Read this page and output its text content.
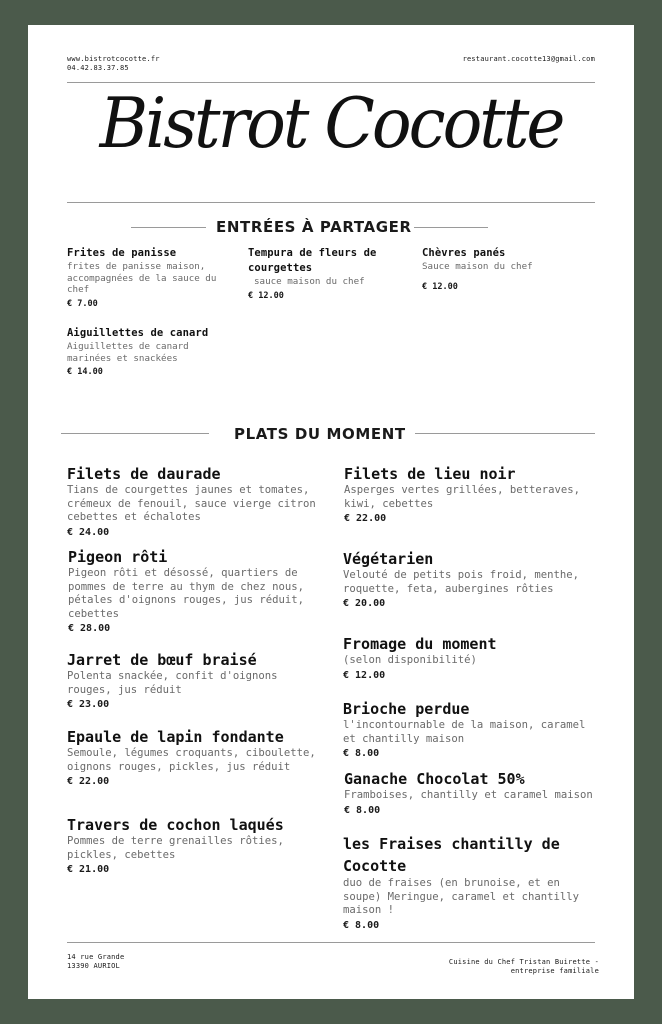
www.bistrotcocotte.fr
04.42.83.37.85
restaurant.cocotte13@gmail.com
Bistrot Cocotte
ENTRÉES À PARTAGER
Frites de panisse
frites de panisse maison, accompagnées de la sauce du chef
€ 7.00
Tempura de fleurs de courgettes
sauce maison du chef
€ 12.00
Chèvres panés
Sauce maison du chef
€ 12.00
Aiguillettes de canard
Aiguillettes de canard marinées et snackées
€ 14.00
PLATS DU MOMENT
Filets de daurade
Tians de courgettes jaunes et tomates, crémeux de fenouil, sauce vierge citron cebettes et échalotes
€ 24.00
Pigeon rôti
Pigeon rôti et désossé, quartiers de pommes de terre au thym de chez nous, pétales d'oignons rouges, jus réduit, cebettes
€ 28.00
Jarret de bœuf braisé
Polenta snackée, confit d'oignons rouges, jus réduit
€ 23.00
Epaule de lapin fondante
Semoule, légumes croquants, ciboulette, oignons rouges, pickles, jus réduit
€ 22.00
Travers de cochon laqués
Pommes de terre grenailles rôties, pickles, cebettes
€ 21.00
Filets de lieu noir
Asperges vertes grillées, betteraves, kiwi, cebettes
€ 22.00
Végétarien
Velouté de petits pois froid, menthe, roquette, feta, aubergines rôties
€ 20.00
Fromage du moment
(selon disponibilité)
€ 12.00
Brioche perdue
l'incontournable de la maison, caramel et chantilly maison
€ 8.00
Ganache Chocolat 50%
Framboises, chantilly et caramel maison
€ 8.00
les Fraises chantilly de Cocotte
duo de fraises (en brunoise, et en soupe) Meringue, caramel et chantilly maison !
€ 8.00
14 rue Grande
13390 AURIOL	Cuisine du Chef Tristan Buirette -
entreprise familiale
